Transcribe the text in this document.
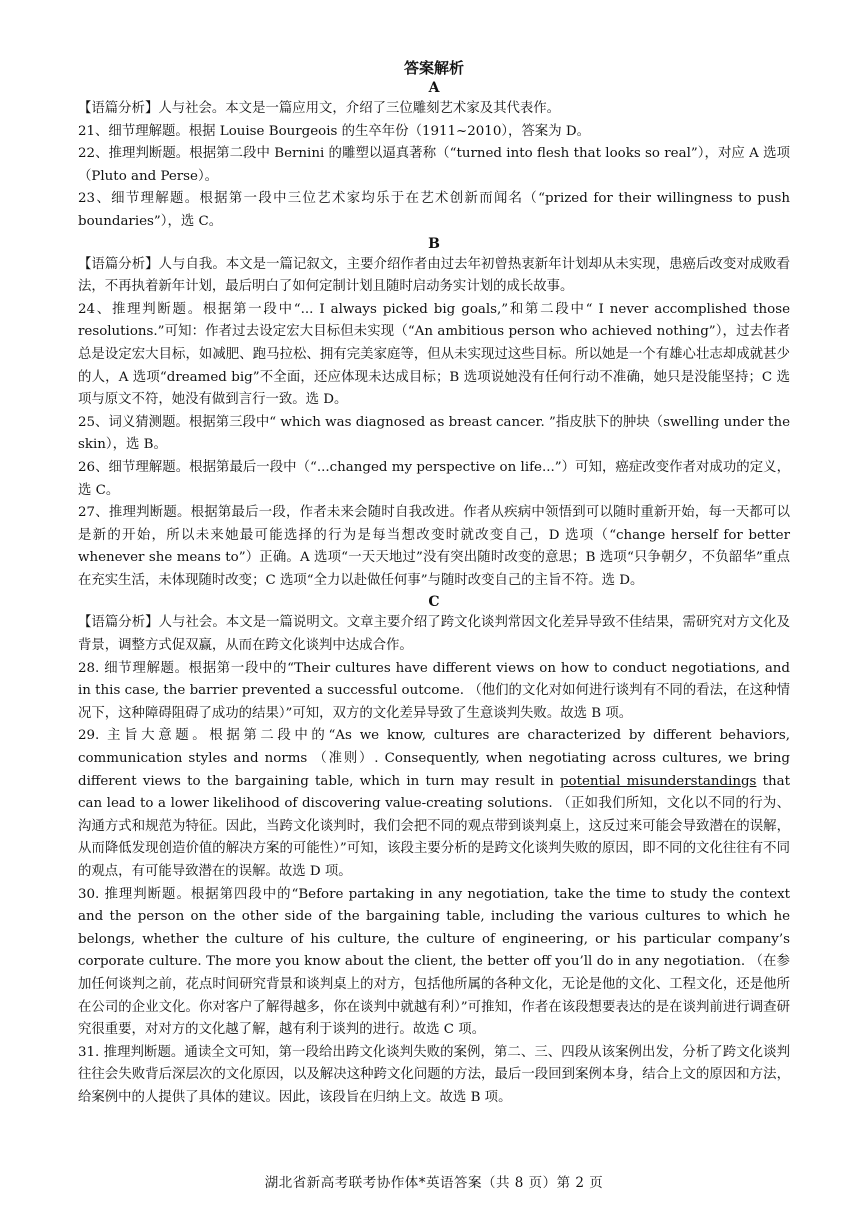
答案解析
A

【语篇分析】人与社会。本文是一篇应用文，介绍了三位雕刻艺术家及其代表作。

21、细节理解题。根据 Louise Bourgeois 的生卒年份（1911~2010），答案为 D。

22、推理判断题。根据第二段中 Bernini 的雕塑以逼真著称（“turned into flesh that looks so real”），对应 A 选项（Pluto and Perse）。

23、细节理解题。根据第一段中三位艺术家均乐于在艺术创新而闻名（“prized for their willingness to push boundaries”），选 C。

B

【语篇分析】人与自我。本文是一篇记叙文，主要介绍作者由过去年初曾热衷新年计划却从未实现，患癌后改变对成败看法，不再执着新年计划，最后明白了如何定制计划且随时启动务实计划的成长故事。

24、推理判断题。根据第一段中“... I always picked big goals,”和第二段中“ I never accomplished those resolutions.”可知：作者过去设定宏大目标但未实现（“An ambitious person who achieved nothing”），过去作者总是设定宏大目标，如减肥、跑马拉松、拥有完美家庭等，但从未实现过这些目标。所以她是一个有雄心壮志却成就甚少的人，A 选项“dreamed big”不全面，还应体现未达成目标；B 选项说她没有任何行动不准确，她只是没能坚持；C 选项与原文不符，她没有做到言行一致。选 D。

25、词义猜测题。根据第三段中“ which was diagnosed as breast cancer. ”指皮肤下的肿块（swelling under the skin），选 B。

26、细节理解题。根据第最后一段中（“...changed my perspective on life...”）可知，癌症改变作者对成功的定义，选 C。

27、推理判断题。根据第最后一段，作者未来会随时自我改进。作者从疾病中领悟到可以随时重新开始，每一天都可以是新的开始，所以未来她最可能选择的行为是每当想改变时就改变自己，D 选项（“change herself for better whenever she means to”）正确。A 选项“一天天地过”没有突出随时改变的意思；B 选项“只争朝夕，不负韶华”重点在充实生活，未体现随时改变；C 选项“全力以赴做任何事”与随时改变自己的主旨不符。选 D。

C

【语篇分析】人与社会。本文是一篇说明文。文章主要介绍了跨文化谈判常因文化差异导致不佳结果，需研究对方文化及背景，调整方式促双赢，从而在跨文化谈判中达成合作。

28. 细节理解题。根据第一段中的“Their cultures have different views on how to conduct negotiations, and in this case, the barrier prevented a successful outcome. （他们的文化对如何进行谈判有不同的看法，在这种情况下，这种障碍阻碍了成功的结果）”可知，双方的文化差异导致了生意谈判失败。故选 B 项。

29. 主旨大意题。根据第二段中的“As we know, cultures are characterized by different behaviors, communication styles and norms （准则）. Consequently, when negotiating across cultures, we bring different views to the bargaining table, which in turn may result in potential misunderstandings that can lead to a lower likelihood of discovering value-creating solutions. （正如我们所知，文化以不同的行为、沟通方式和规范为特征。因此，当跨文化谈判时，我们会把不同的观点带到谈判桌上，这反过来可能会导致潜在的误解，从而降低发现创造价值的解决方案的可能性）”可知，该段主要分析的是跨文化谈判失败的原因，即不同的文化往往有不同的观点，有可能导致潜在的误解。故选 D 项。

30. 推理判断题。根据第四段中的“Before partaking in any negotiation, take the time to study the context and the person on the other side of the bargaining table, including the various cultures to which he belongs, whether the culture of his culture, the culture of engineering, or his particular company’s corporate culture. The more you know about the client, the better off you’ll do in any negotiation. （在参加任何谈判之前，花点时间研究背景和谈判桌上的对方，包括他所属的各种文化，无论是他的文化、工程文化，还是他所在公司的企业文化。你对客户了解得越多，你在谈判中就越有利）”可推知，作者在该段想要表达的是在谈判前进行调查研究很重要，对对方的文化越了解，越有利于谈判的进行。故选 C 项。

31. 推理判断题。通读全文可知，第一段给出跨文化谈判失败的案例，第二、三、四段从该案例出发，分析了跨文化谈判往往会失败背后深层次的文化原因，以及解决这种跨文化问题的方法，最后一段回到案例本身，结合上文的原因和方法，给案例中的人提供了具体的建议。因此，该段旨在归纳上文。故选 B 项。

湖北省新高考联考协作体*英语答案（共 8 页）第 2 页
